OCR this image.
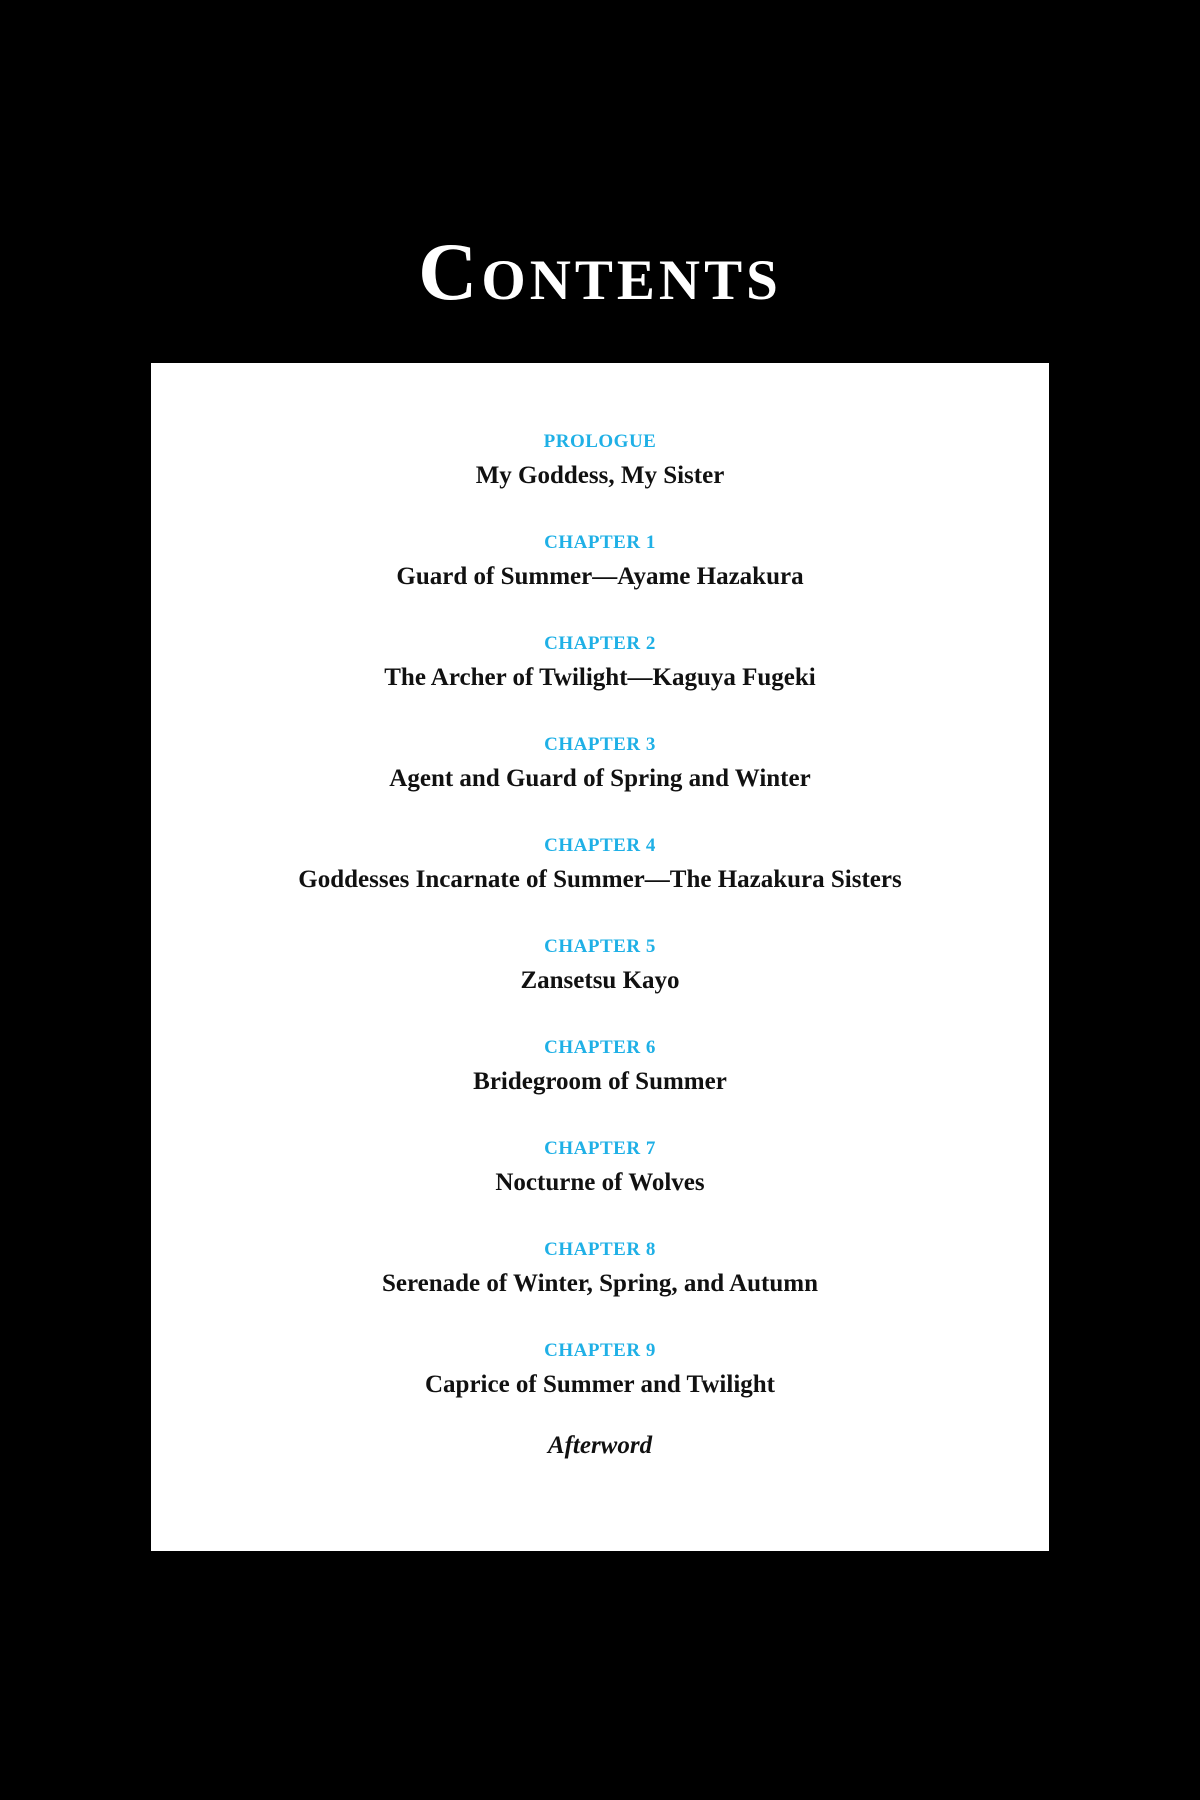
Contents
PROLOGUE
My Goddess, My Sister
CHAPTER 1
Guard of Summer—Ayame Hazakura
CHAPTER 2
The Archer of Twilight—Kaguya Fugeki
CHAPTER 3
Agent and Guard of Spring and Winter
CHAPTER 4
Goddesses Incarnate of Summer—The Hazakura Sisters
CHAPTER 5
Zansetsu Kayo
CHAPTER 6
Bridegroom of Summer
CHAPTER 7
Nocturne of Wolves
CHAPTER 8
Serenade of Winter, Spring, and Autumn
CHAPTER 9
Caprice of Summer and Twilight
Afterword
